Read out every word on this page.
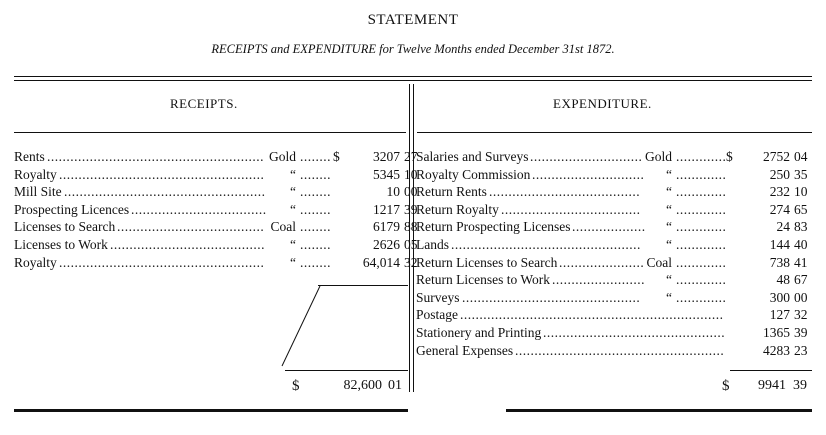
STATEMENT
RECEIPTS and EXPENDITURE for Twelve Months ended December 31st 1872.
RECEIPTS.	EXPENDITURE.
Rents ........................................................ Gold	$	3207 27
........
Royalty .....................................................	“	5345 10
........
Mill Site ....................................................	“	10 00
........
Prospecting Licences ...................................	“	1217 39
........
Licenses to Search ...................................... Coal	6179 88
........
Licenses to Work ........................................	“	2626 05
........
Royalty .....................................................	“	64,014 32
........
Salaries and Surveys ............................. Gold	$	2752 04
.............
Royalty Commission .............................	“	250 35
.............
Return Rents .......................................	“	232 10
.............
Return Royalty ....................................	“	274 65
.............
Return Prospecting Licenses ...................	“	24 83
.............
Lands .................................................	“	144 40
.............
Return Licenses to Search ...................... Coal	738 41
.............
Return Licenses to Work ........................	“	48 67
.............
Surveys ..............................................	“	300 00
.............
Postage ....................................................................	127 32
Stationery and Printing ...............................................	1365 39
General Expenses ......................................................	4283 23
$	82,600 01	$	9941 39
